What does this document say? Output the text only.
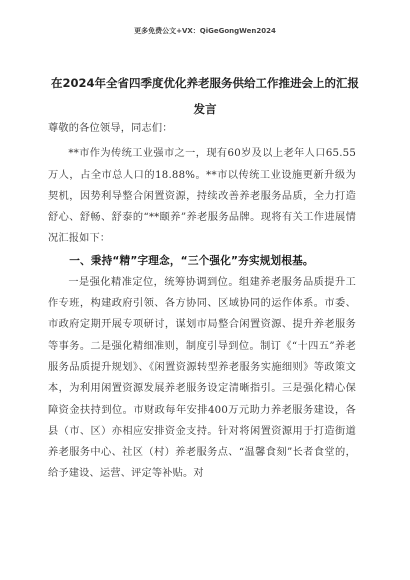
更多免费公文+VX：QiGeGongWen2024
在2024年全省四季度优化养老服务供给工作推进会上的汇报发言

尊敬的各位领导，同志们：

**市作为传统工业强市之一，现有60岁及以上老年人口65.55万人，占全市总人口的18.88%。**市以传统工业设施更新升级为契机，因势利导整合闲置资源，持续改善养老服务品质，全力打造舒心、舒畅、舒泰的“**颐养”养老服务品牌。现将有关工作进展情况汇报如下：

一、秉持“精”字理念，“三个强化”夯实规划根基。

一是强化精准定位，统筹协调到位。组建养老服务品质提升工作专班，构建政府引领、各方协同、区域协同的运作体系。市委、市政府定期开展专项研讨，谋划市局整合闲置资源、提升养老服务等事务。二是强化精细准则，制度引导到位。制订《“十四五”养老服务品质提升规划》、《闲置资源转型养老服务实施细则》等政策文本，为利用闲置资源发展养老服务设定清晰指引。三是强化精心保障资金扶持到位。市财政每年安排400万元助力养老服务建设，各县（市、区）亦相应安排资金支持。针对将闲置资源用于打造街道养老服务中心、社区（村）养老服务点、“温馨食刻”长者食堂的，给予建设、运营、评定等补贴。对
